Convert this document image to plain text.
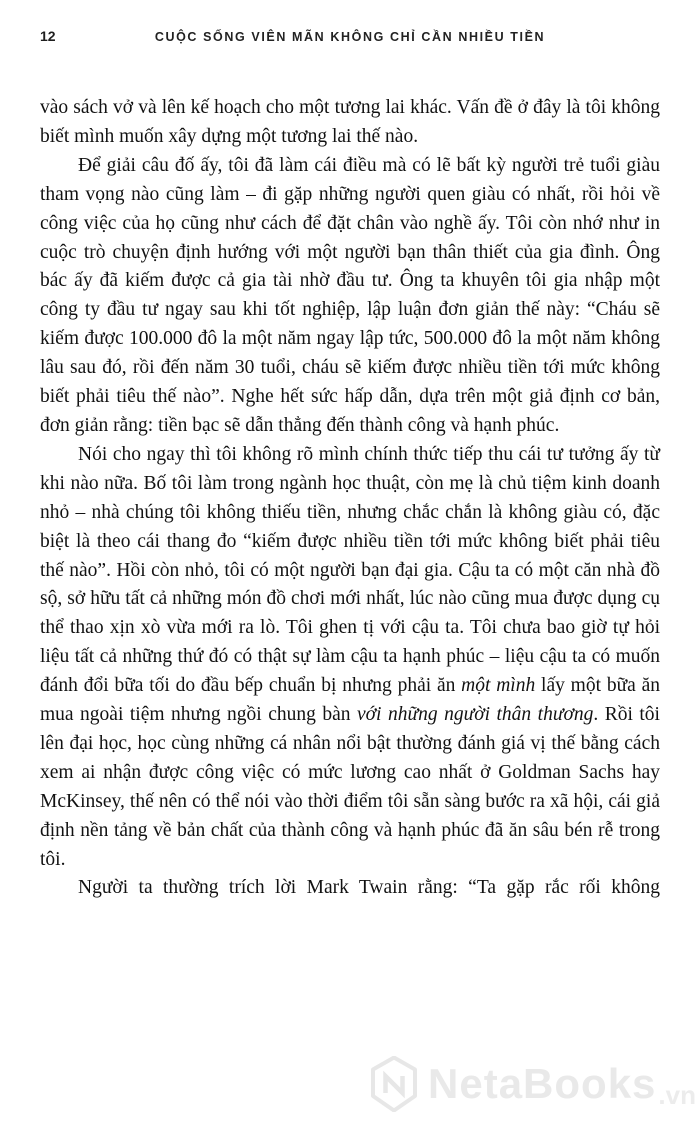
12	CUỘC SỐNG VIÊN MÃN KHÔNG CHỈ CẦN NHIỀU TIỀN

vào sách vở và lên kế hoạch cho một tương lai khác. Vấn đề ở đây là tôi không biết mình muốn xây dựng một tương lai thế nào.

Để giải câu đố ấy, tôi đã làm cái điều mà có lẽ bất kỳ người trẻ tuổi giàu tham vọng nào cũng làm – đi gặp những người quen giàu có nhất, rồi hỏi về công việc của họ cũng như cách để đặt chân vào nghề ấy. Tôi còn nhớ như in cuộc trò chuyện định hướng với một người bạn thân thiết của gia đình. Ông bác ấy đã kiếm được cả gia tài nhờ đầu tư. Ông ta khuyên tôi gia nhập một công ty đầu tư ngay sau khi tốt nghiệp, lập luận đơn giản thế này: “Cháu sẽ kiếm được 100.000 đô la một năm ngay lập tức, 500.000 đô la một năm không lâu sau đó, rồi đến năm 30 tuổi, cháu sẽ kiếm được nhiều tiền tới mức không biết phải tiêu thế nào”. Nghe hết sức hấp dẫn, dựa trên một giả định cơ bản, đơn giản rằng: tiền bạc sẽ dẫn thẳng đến thành công và hạnh phúc.

Nói cho ngay thì tôi không rõ mình chính thức tiếp thu cái tư tưởng ấy từ khi nào nữa. Bố tôi làm trong ngành học thuật, còn mẹ là chủ tiệm kinh doanh nhỏ – nhà chúng tôi không thiếu tiền, nhưng chắc chắn là không giàu có, đặc biệt là theo cái thang đo “kiếm được nhiều tiền tới mức không biết phải tiêu thế nào”. Hồi còn nhỏ, tôi có một người bạn đại gia. Cậu ta có một căn nhà đồ sộ, sở hữu tất cả những món đồ chơi mới nhất, lúc nào cũng mua được dụng cụ thể thao xịn xò vừa mới ra lò. Tôi ghen tị với cậu ta. Tôi chưa bao giờ tự hỏi liệu tất cả những thứ đó có thật sự làm cậu ta hạnh phúc – liệu cậu ta có muốn đánh đổi bữa tối do đầu bếp chuẩn bị nhưng phải ăn một mình lấy một bữa ăn mua ngoài tiệm nhưng ngồi chung bàn với những người thân thương. Rồi tôi lên đại học, học cùng những cá nhân nổi bật thường đánh giá vị thế bằng cách xem ai nhận được công việc có mức lương cao nhất ở Goldman Sachs hay McKinsey, thế nên có thể nói vào thời điểm tôi sẵn sàng bước ra xã hội, cái giả định nền tảng về bản chất của thành công và hạnh phúc đã ăn sâu bén rễ trong tôi.

Người ta thường trích lời Mark Twain rằng: “Ta gặp rắc rối không

NetaBooks .vn
